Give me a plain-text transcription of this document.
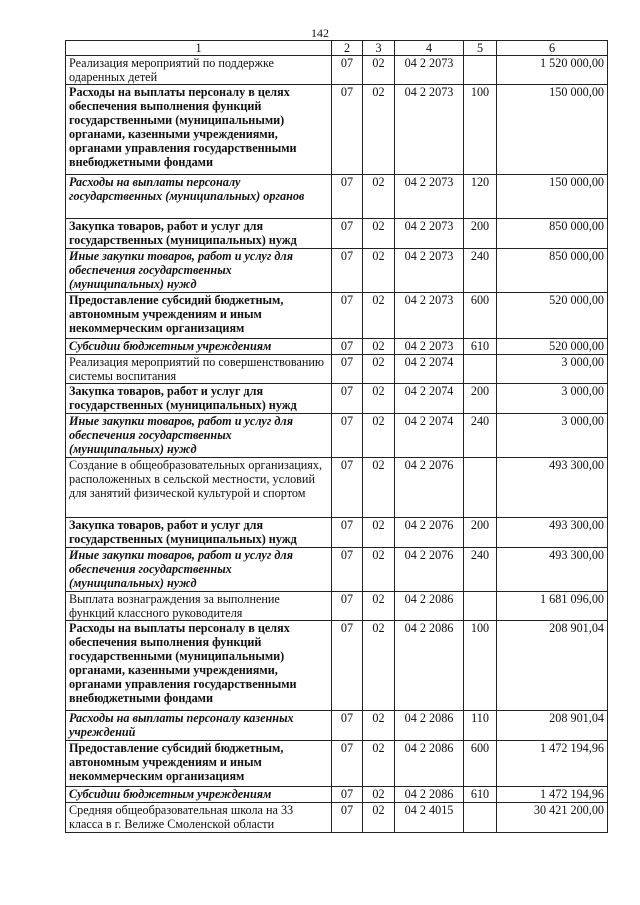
142
1	2	3	4	5	6
Реализация мероприятий по поддержке одаренных детей	07	02	04 2 2073		1 520 000,00
Расходы на выплаты персоналу в целях обеспечения выполнения функций государственными (муниципальными) органами, казенными учреждениями, органами управления государственными внебюджетными фондами	07	02	04 2 2073	100	150 000,00
Расходы на выплаты персоналу государственных (муниципальных) органов	07	02	04 2 2073	120	150 000,00
Закупка товаров, работ и услуг для государственных (муниципальных) нужд	07	02	04 2 2073	200	850 000,00
Иные закупки товаров, работ и услуг для обеспечения государственных (муниципальных) нужд	07	02	04 2 2073	240	850 000,00
Предоставление субсидий бюджетным, автономным учреждениям и иным некоммерческим организациям	07	02	04 2 2073	600	520 000,00
Субсидии бюджетным учреждениям	07	02	04 2 2073	610	520 000,00
Реализация мероприятий по совершенствованию системы воспитания	07	02	04 2 2074		3 000,00
Закупка товаров, работ и услуг для государственных (муниципальных) нужд	07	02	04 2 2074	200	3 000,00
Иные закупки товаров, работ и услуг для обеспечения государственных (муниципальных) нужд	07	02	04 2 2074	240	3 000,00
Создание в общеобразовательных организациях, расположенных в сельской местности, условий для занятий физической культурой и спортом	07	02	04 2 2076		493 300,00
Закупка товаров, работ и услуг для государственных (муниципальных) нужд	07	02	04 2 2076	200	493 300,00
Иные закупки товаров, работ и услуг для обеспечения государственных (муниципальных) нужд	07	02	04 2 2076	240	493 300,00
Выплата вознаграждения за выполнение функций классного руководителя	07	02	04 2 2086		1 681 096,00
Расходы на выплаты персоналу в целях обеспечения выполнения функций государственными (муниципальными) органами, казенными учреждениями, органами управления государственными внебюджетными фондами	07	02	04 2 2086	100	208 901,04
Расходы на выплаты персоналу казенных учреждений	07	02	04 2 2086	110	208 901,04
Предоставление субсидий бюджетным, автономным учреждениям и иным некоммерческим организациям	07	02	04 2 2086	600	1 472 194,96
Субсидии бюджетным учреждениям	07	02	04 2 2086	610	1 472 194,96
Средняя общеобразовательная школа на 33 класса в г. Велиже Смоленской области	07	02	04 2 4015		30 421 200,00
